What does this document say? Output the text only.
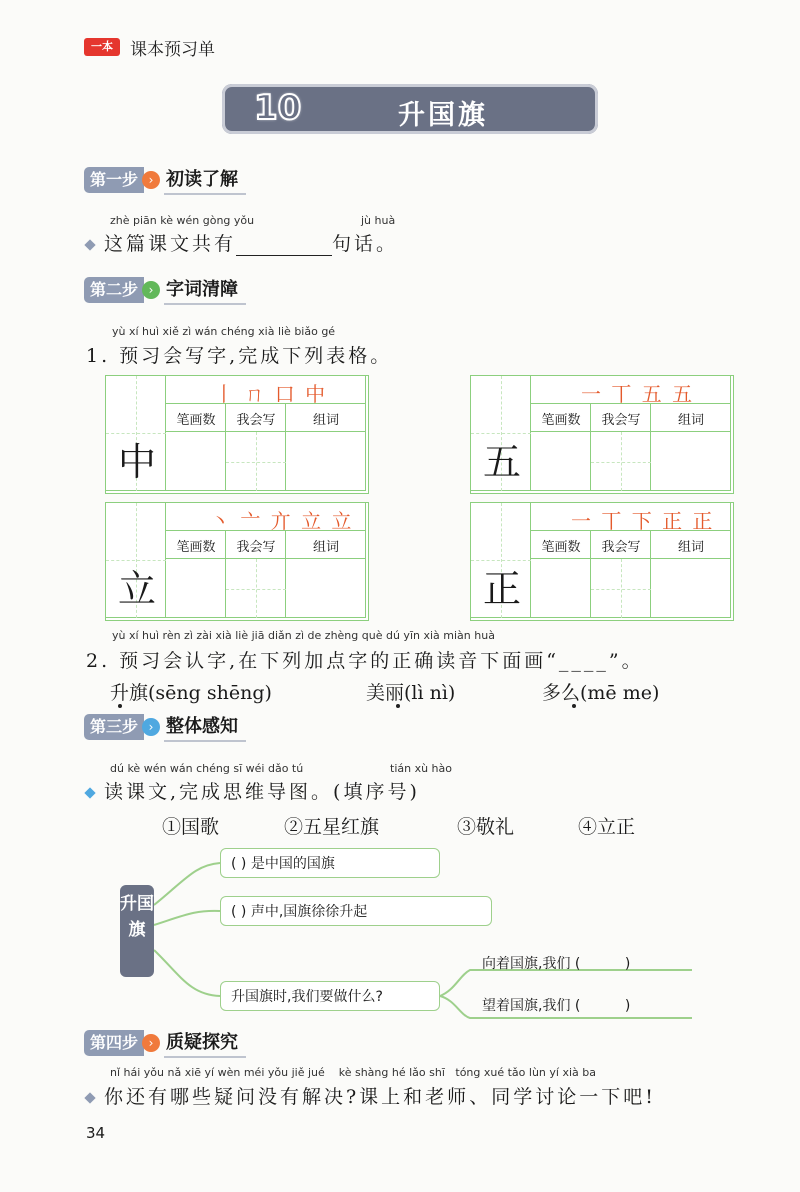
一本	课本预习单
10	升国旗
第一步 › 初读了解
zhè piān kè wén gòng yǒu	jù huà
这篇课文共有	句话。
第二步 › 字词清障
yù xí huì xiě zì wán chéng xià liè biǎo gé
1. 预习会写字,完成下列表格。
中
丨 ㄇ 口 中
笔画数	我会写	组词
五
一 丅 五 五
笔画数	我会写	组词
立
丶 亠 亣 立 立
笔画数	我会写	组词
正
一 丅 下 正 正
笔画数	我会写	组词
yù xí huì rèn zì zài xià liè jiā diǎn zì de zhèng què dú yīn xià miàn huà
2. 预习会认字,在下列加点字的正确读音下面画“____”。
升旗(sēng shēng)	美丽(lì nì)	多么(mē me)
第三步 › 整体感知
dú kè wén wán chéng sī wéi dǎo tú	tián xù hào
读课文,完成思维导图。(填序号)
①国歌	②五星红旗	③敬礼	④立正
升国旗
( ) 是中国的国旗
( ) 声中,国旗徐徐升起
升国旗时,我们要做什么?
向着国旗,我们 (          )
望着国旗,我们 (          )
第四步 › 质疑探究
nǐ hái yǒu nǎ xiē yí wèn méi yǒu jiě jué    kè shàng hé lǎo shī   tóng xué tǎo lùn yí xià ba
你还有哪些疑问没有解决?课上和老师、同学讨论一下吧!
34
